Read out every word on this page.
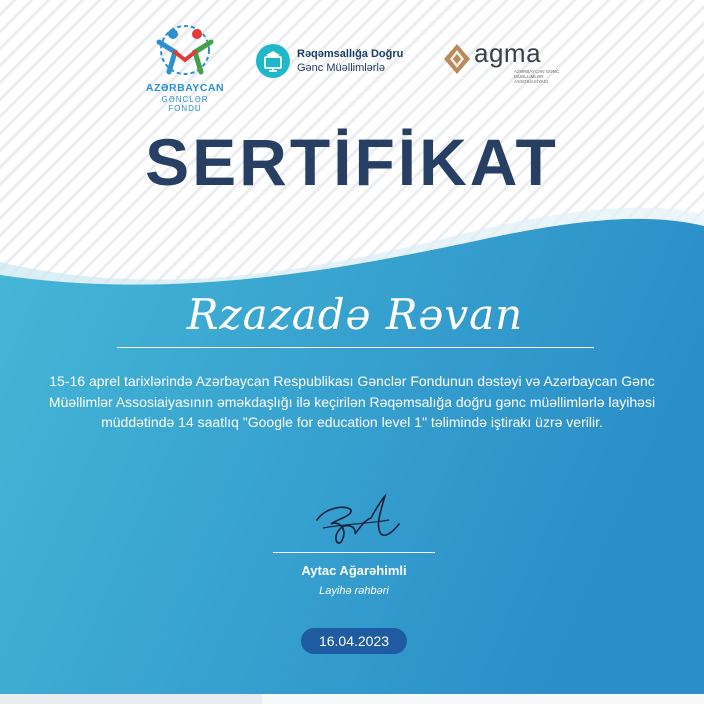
AZƏRBAYCAN
GƏNCLƏR FONDU
Rəqəmsallığa Doğru
Gənc Müəllimlərlə	agma
AZƏRBAYCAN GƏNC
MÜƏLLİMLƏR ASSOSİASİYASI
SERTİFİKAT
Rzazadə Rəvan
15-16 aprel tarixlərində Azərbaycan Respublikası Gənclər Fondunun dəstəyi və Azərbaycan Gənc
Müəllimlər Assosiaiyasının əməkdaşlığı ilə keçirilən Rəqəmsalığa doğru gənc müəllimlərlə layihəsi
müddətində 14 saatlıq "Google for education level 1" təlimində iştirakı üzrə verilir.
Aytac Ağarəhimli
Layihə rəhbəri
16.04.2023
